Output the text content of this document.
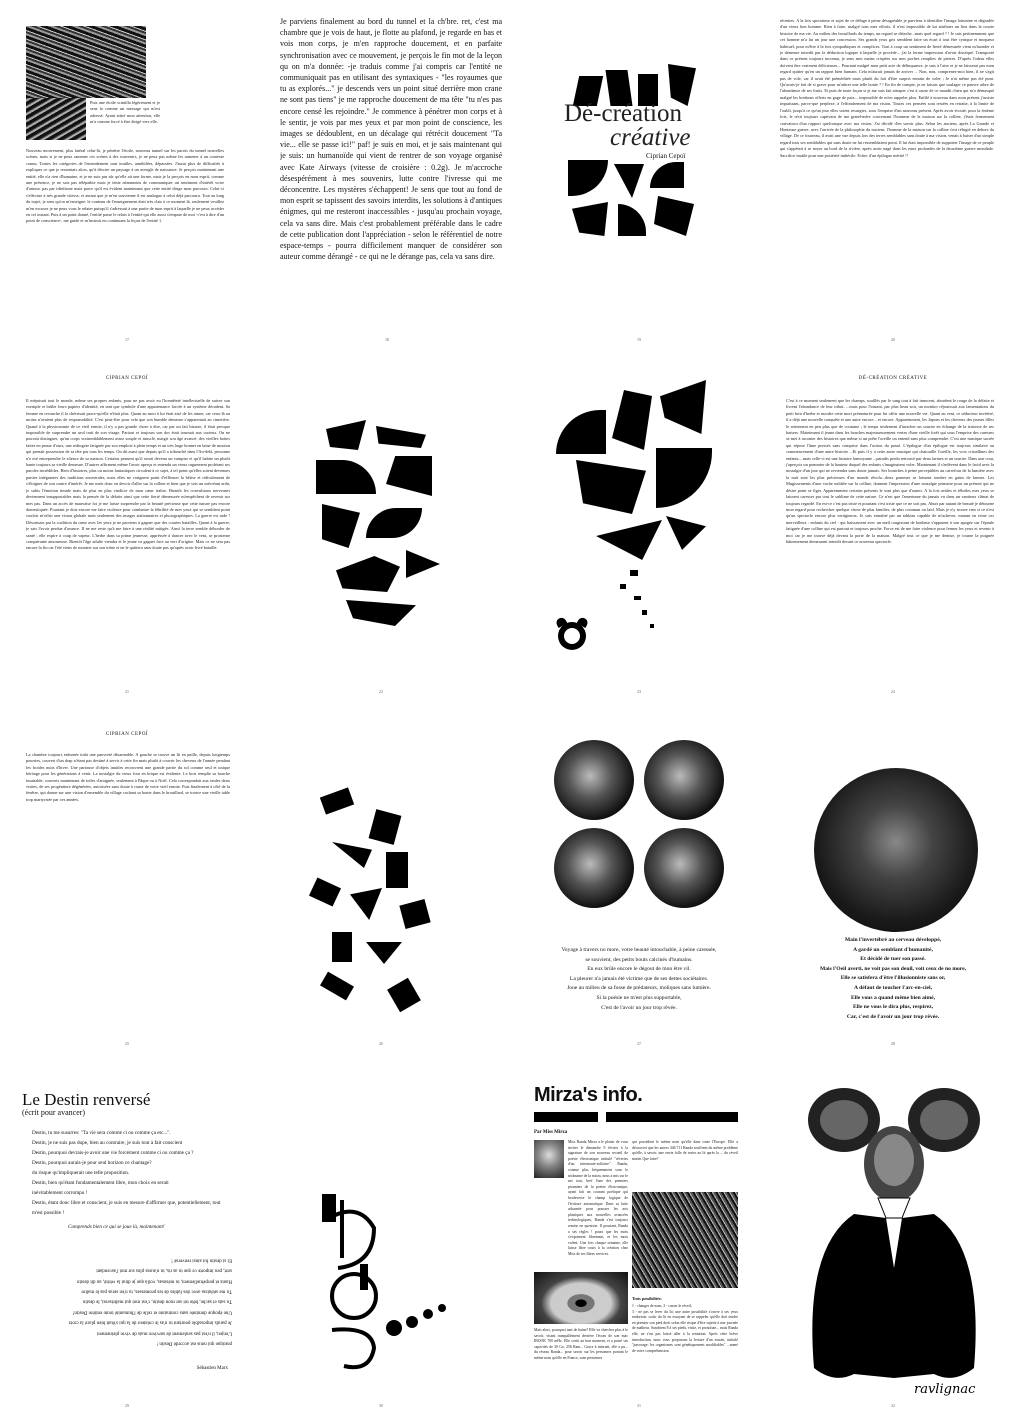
Puis une étoile scintilla légèrement et je sens la comme un message qui m'est adressé. Ayant attiré mon attention, elle m'a comme forcé à être dirigé vers elle.
Nouveau mouvement, plus latéral celui-là, je pénètre l'étoile, nouveau tunnel sur les parois du tunnel nouvelles scènes, mais si je ne peux ramener ces scènes à des souvenirs, je ne peux pas même les ramener à un contexte connu. Toutes les catégories de l'entendement sont inutiles, annihilées, dépassées. J'aurai plus de difficultés à expliquer ce que je ressentais alors, qu'à décrire un paysage à un aveugle de naissance. Je perçois maintenant une entité, elle n'a rien d'humaine, et je ne suis pas sûr qu'elle ait une forme, mais je la perçois en mon esprit, comme une présence, je ne sais pas télépathie mais je tente néanmoins de communiquer un sentiment d'intérêt voire d'amour. pas par idéalisme mais parce qu'il est évident maintenant que cette entité dirige mon parcours. Celui-ci s'effectue à très grande vitesse, et autant que je m'en souvienne il est analogue à celui déjà parcouru. Tout au long du trajet, je sens qu'on m'enseigne: le contenu de l'enseignement était très clair à ce moment là, seulement veuillez m'en excuser je ne peux vous le relater puisqu'il s'adressait à une partie de mon esprit à laquelle je ne peux accéder en cet instant. Puis à un point donné, l'entité passe le relais à l'entité qui elle aussi s'empare de moi -c'est à dire d'un point de conscience-, me guide et m'instruis en continuant la leçon de l'entité 1.
17
Je parviens finalement au bord du tunnel et la ch'bre. ret, c'est ma chambre que je vois de haut, je flotte au plafond, je regarde en bas et vois mon corps, je m'en rapproche doucement, et en parfaite synchronisation avec ce mouvement, je perçois le fin mot de la leçon qu on m'a donnée: -je traduis comme j'ai compris car l'entité ne communiquait pas en utilisant des syntaxiques - "les royaumes que tu as explorés..." je descends vers un point situé derrière mon crane ne sont pas tiens" je me rapproche doucement de ma tête "tu n'es pas encore censé les rejoindre." Je commence à pénétrer mon corps et à le sentir, je vois par mes yeux et par mon point de conscience, les images se dédoublent, en un décalage qui rétrécit doucement "Ta vie... elle se passe ici!" paf! je suis en moi, et je sais maintenant qui je suis: un humanoïde qui vient de rentrer de son voyage organisé avec Kate Airways (vitesse de croisière : 0.2g). Je m'accroche désespérément à mes souvenirs, lutte contre l'ivresse qui me déconcentre. Les mystères s'échappent! Je sens que tout au fond de mon esprit se tapissent des savoirs interdits, les solutions à d'antiques énigmes, qui me resteront inaccessibles - jusqu'au prochain voyage, cela va sans dire. Mais c'est probablement préférable dans le cadre de cette publication dont l'appréciation - selon le référentiel de notre espace-temps - pourra difficilement manquer de considérer son auteur comme dérangé - ce qui ne le dérange pas, cela va sans dire.
18
Dé-création
créative
Ciprian Cepoï
19
récentes. A la fois spectateur et sujet de ce déluge à peine désagréable je parviens à identifier l'image lointaine et dégradée d'un vieux bon homme. Rien à faire, malgré tous mes efforts, il n'est impossible de lui attribuer un lieu dans la courte histoire de ma vie. Au milieu des brouillards du temps, un regard se détache...mais quel regard ? ! Je sais pertinemment que cet homme m'a lui un jour une concession. Ses grands yeux gris semblent faire un écart à tout être cynique et moqueur habituel, pour m'être à la fois sympathiques et complices. Tout à coup un sentiment de fierté démesurée vient m'inonder et je demeure interdit par la déduction logique à laquelle je procède... j'ai la ferme impression d'avoir disséqué. Transporté dans ce présent toujours inconnu, je sens mes mains crispées sur mes poches remplies de pierres. D'après l'odeur elles doivent être vraiment délicieuses... Pourtant malgré mon petit acte de délinquance, je suis à l'aise et je ne laisserai pas mon regard quitter qu'en un rapport bien humain. Cela m'aurait jamais de arriver ... Non, non, comprenez-moi bien, il ne s'agit pas de vole, car il avait été préméditée mais plutôt du fait d'être surpris entrain de voler ; Je n'ai même pas été puni. Qu'avais-je fait de si grave pour m'attirer une telle honte ? ! En fin de compte, je ne faisais que soulager ce pauvre arbre de l'abondance de ses fruits. Et puis de toute façon si je me suis fait attraper c'est à cause de ce maudit chien qui m'a démasqué malgré les bonbons offerts en gage de paix... impossible de m'en rappeler plus. Enfilé à nouveau dans mon présent j'assiste impuissant, parce-que perplexe, à l'effondrement de ma vision. Toutes ces pensées sont restées en retraite, à la limite de l'oubli, jusqu'à ce qu'un jour elles soient resurgies, sous l'emprise d'un nouveau présent. Après avoir écouté, pour la énième fois, le récit toujours captivant de ma grand-mère concernant l'honneur de la maison sur la colline, j'étais fermement convaincu d'un rapport quelconque avec ma vision. J'ai décidé d'en savoir plus. Selon les anciens, après La Grande et Honteuse guerre, avec l'arrivée de la philosophie du tracteur, l'homme de la maison sur la colline s'est réfugié en dehors du village. De ce fourreau, il avait une vue depuis lors des terres semblables sans doute à ma vision, venait à baiser d'un simple regard tous ses semblables qui sans doute ne lui ressemblaient point. Il lui était impossible de supporter l'image de ce peuple qui s'appétait à se noyer au bord de la rivière, après avoir nagé dans les eaux profondes de la deuxième guerre mondiale. Sacrifice inutile pour une postérité imbécile. Echec d'un épilogue mérité !!
20
CIPRIAN CEPOÏ
Il méprisait tout le monde, même ses propres enfants, pour ne pas avoir eu l'honnêteté intellectuelle de suivre son exemple et brûler leurs papiers d'identité, en tant que symbole d'une appartenance forcée à un système décadent. Sa femme en revanche il la chérissait parce-qu'elle n'était plus. Quant au mort à lui était aisé de les aimer, car ceux-là au moins n'avaient plus de responsabilité. C'est peut-être pour cela que son humble demeure s'apparentait au cimetière. Quand à la physionomie de ce vieil ermite, il n'y a pas grande chose à dire, car par un fait bizarre, il était presque impossible de surprendre un seul trait de son visage. Partout et toujours son dos était tournait aux curieux. On ne pouvait distinguer, qu'un corps vraisemblablement assez souple et musclé, maigri son âge avancé; des vieilles bottes faites en peaux d'ours, une redingote fatiguée par son emploie à plein temps et un très large bonnet en laine de mouton qui prenait possession de sa tête par tous les temps. On dit aussi que depuis qu'il a tribouché dans l'Au-delà, personne n'a osé entreprendre le silence de sa maison. Certains pensent qu'il serait devenu un vampire et qu'il habite un plutôt hante toujours sa vieille demeure. D'autres affirment même l'avoir aperçu et entendu un vieux ruguement proférant ses paroles incrédibles. Bien d'histoires, plus ou moins fantastiques circulent à ce sujet, à tel point qu'elles soient devenues parties intégrantes des traditions ancestrales, mais elles ne craignent point d'effleurer la bêtise et ridiculement de s'éloigner de son contre d'intérêt. Je me mets donc en devoir d'aller sur la colline et bien que je sois un mécréant ardu, je subis l'émotion timide mais de plus en plus vindicte de mon cœur traître. Bientôt les convulsions nerveuses deviennent insupportables mais la pensée de la défaite ainsi que cette fierté démesurée m'empêchent de revenir sur mes pas. Dans un accès de mauvaise foi je me laisse surprendre par la beauté précieuse que cette nature pas encore domestiquée. Pourtant je dois encore me faire violence pour combattre la fébrilité de mes yeux qui se semblent point vouloir m'offrir une vision globale mais seulement des images stationnaires et photographiques. La guerre est rude ! Désormais par la coalition du cœur avec les yeux je ne parviens à gagner que des courtes batailles. Quant à la guerre, je sais l'avoir perdue d'avance. Il ne me reste qu'à me faire à une réalité mitigée. Ainsi la terre semble déborder de santé ; elle expire à coup de vapeur. L'herbe dans sa prime jeunesse, appréssée à dancer avec le vent, se prosterne conquérante amoureuse. Bientôt l'âge adulte viendra et le jeune va gagner face au vert d'origine. Mais ce ne sera pas encore la fin car l'été viens de montrer sur son trône et ne le quittera sans doute pas qu'après avoir livré bataille.
21	22	23
DÉ-CRÉATION CRÉATIVE
C'est à ce moment seulement que les champs, souillés par le sang tout à fait innocent, abordent le rouge de la défaite et livrent l'abondance de leur tribut. ...mais pour l'instant, par plus beau soir, un monitor réjouissait aux lamentations du petit brin d'herbe et mordre cette mort prématurée pour lui offrir une nouvelle vie. Quant au vent, ce séducteur invétéré, il a déjà une nouvelle conquête et une autre encore... et encore. Apparemment, les Japons et les cheveux des jeunes filles le retiennent en peu plus que de coutume ; le temps seulement d'arracher un sourire en échange de la tristesse de ses baisers. Maintenant il jeune dans les bouches majestueusement vertes d'une vieille forêt qui sous l'emprise des caresses se met à raconter des histoires que même si un prête l'oreille on entend sans plus comprendre. C'est une musique sacrée qui répose l'âme pressés sans comprise dans l'action du passé. L'épilogue d'un épilogue est toujours similaire au commencement d'une autre histoire ...Et puis il y a cette autre musique qui chatouille l'oreille, les voix cristallines des enfants... mais celle-ci est une histoire larmoyante ...paradis perdu retrouvé par deux larmes et un sourire. Dans une cour, j'aperçois un pommier de la hauteur duquel des enfants s'imaginaient voler. Maintenant il s'enlèvent dans le froid avec la nostalgie d'un jour qui ne reviendra sans doute jamais. Ses branches à peine perceptibles au carrefour de la lumière avec la nuit sont les plus précieuses d'un monde rêvolu...deux pommes se laissent tomber en gains de larmes. Les Mugissements d'une vache oubliée sur la colline, donnent l'impression d'une nostalgie primaire pour un présent qui ne désire point se figer. Apparemment certains présents le sont plus que d'autres. A la fois avides et fébriles mes yeux se laissent caresser par tout le sublime de cette nature. Ce n'est que l'amertume du jamais vu dans un vaniteux climat de toujours regardé. En est-ce c'est pas triste et pourtant c'est triste que ce ne soit pas. Ahuri par autant de beauté je détourne mon regard pour rechercher quelque chose de plus familier, de plus commun ou laid. Mais je n'y trouve rien si ce n'est qu'un spectacle encore plus vertigineux. Je suis entraîné par un tableau capable de m'achever, mutant en reine ces merveilleux : enfants du ciel : qui baissassent avec un nœil rougissant de bonheur s'apparent à son apogée sur l'épaule fatiguée d'une colline qui est partout et toujours proche. Force est de me faire violence pour fermer les yeux et revenir à moi car je me trouve déjà devant la porte de la maison. Malgré tout ce que je me demise, je tourne la poignée bâtonnement demeurant interdit devant ce nouveau spectacle.
24
CIPRIAN CEPOÏ
La chambre toujours enfumée trahi une pauvreté désarmable. A gauche se trouve un lit en paille, depuis longtemps pourries, couvert d'un drap n'étant pas destiné à servir à cette fin mais plutôt à couvrir les cheveux de l'armée pendant les froides nuits d'hiver. Une partouse d'objets inutiles recouvrent une grande partie du sol comme seul et unique héritage pour les générations à venir. La nostalgie du vieux four en brique est évidente. Le bois remplie sa bouche insatiable, couverts maintenant de toiles d'araignée, seulement à Pâque ou à Noël. Cela correspondait aux seules deux visites, de ses progéniture dégénérées, autorisées sans doute à cause de votre vieil ermite. Puis finalement à côté de la fenêtre, qui donne sur une vision d'ensemble du village cachant sa honte dans le brouillard, se trouve une vieille table trop martyrisée par ces années.
25	26
Voyage à travers no more, votre beauté intouchable, à peine caressée,
se souvient, des petits bouts calcinés d'humains.
En eux brûle encore le dégout de mon être vil.
La pleurer n'a jamais été victime que de ses dettes sociétaires.
Joue au milieu de sa fosse de prédateurs, moliques sans lumière.
Si la poésie ne m'est plus supportable,
C'est de l'avoir un jour trop rêvée.
27
Main l'invertébré au cerveau développé,
A gardé un semblant d'humanité,
Et décidé de tuer son passé.
Mais l'Oeil averti, ne voit pas son deuil, voit ceux de no more,
Elle se satisfera d'être l'illusionniste sans or,
A défaut de toucher l'arc-en-ciel,
Elle vous a quand même bien aimé,
Elle ne vous le dira plus, respirez,
Car, c'est de l'avoir un jour trop rêvée.
28
Le Destin renversé
(écrit pour avancer)
Destin, tu me susurres: "Ta vie sera comme ci ou comme ça etc...".
Destin, je ne suis pas dupe, bien au contraire, je suis tout à fait conscient
Destin, pourquoi devrais-je avoir une vie forcément comme ci ou comme ça ?
Destin, pourquoi aurais-je pour seul horizon ce chantage?
du risque qu'impliquerait une telle proposition.
Destin, bien qu'étant fondamentalement libre, mon choix en serait
inévitablement corrompu !
Destin, étant donc libre et conscient, je suis en mesure d'affirmer que, potentiellement, tout m'est possible !
Comprends bien ce qui se joue là, maintenant!
pratique qui nous est accordé Destin !
L'enjeu, il n'est pas seulement de survivre mais de vivre pleinement
Je paraîs impossible pourtant tu n'as le créateur de la qui s'était bien placé la croix
Une époque dominée sans contrainte et celle de l'humanité toute entière Destin!
Tu sais et sache, bête toi sur mon destin, c'est moi qui maîtriserai, le destin
Tu me séduiras avec des fables de tes promesses, tu n'en seras pas le maître
Hauts et perpétuellement, tu mésusas, voilà que je dirai la vérité, au dit destin
sort, peu importe ce que tu as ris, tu n'auras plus sur moi l'ascendant
Et si destin fut ainsi renversé !
Sébastien Marx
29	30
Mirza's info.
Par Miss Mirza
Miss Randa Mirza a le plaisir de vous inviter le dimanche 9 février à la signature de son nouveau recueil de poésie électronique intitulé "rêveries d'un internaute-solitaire". Randa, connue plus fréquemment sous le nickname de la mirza, nous a mis sur le net tout, bref l'une des premiers pionniers de la poésie électronique, ayant fait un courant poétique qui bouleverse le champ logique de l'écriture automatique. Dans sa lutte acharnée pour pousser les arts plastiques aux nouvelles avancées technologiques, Randa s'est toujours remise en question. Il pourtant, Randa a ses règles ! pours que les mots s'expriment librement, et les mots volent. Une fois chaque semaine, elle laisse libre cours à la création chez Miss de ses libres services.
qui possèdent le même nom qu'elle dans toute l'Europe. Elle a découvert que les autres 346 711 Randa souffrent du même problème qu'elle, à savoir, une envie folle de rester au lit après la ... du réveil matin. Que faire?
Mais alors, pourquoi tant de haine? Elle va chercher plus à le savoir, visant tranquillement derrière l'écran de son mac IBOOK 700 mHz. Elle sortit au bon moment, et a puisé ses capacités de 30 Go, 256 Ram... Grace à internet, elle a pu... du réseau Randa... pour savoir sur les personnes portant le même nom qu'elle en France, sans personnes
Trois possibilités:
1 - changer de nom, 2 - casser le réveil;
3 - ne pas se lever du lit; une autre possibilité s'ouvre à ses yeux endormis: sortir du lit en essayant de se rappeler qu'elle doit tendre en premier son pied droit selon elle risque d'être sujette à une journée de malheur. Sundriem 8 à ses pieds, visite, et prostitute... mais Randa elle, ne s'est pas laissé aller à la tentation. Après cette brève introduction, nous vous proposons la lecture d'un extrait, intitulé "pavorage: les organismes sont génétiquement modifiables" ...mené de votre compréhension.
31
“
ravlignac
32
